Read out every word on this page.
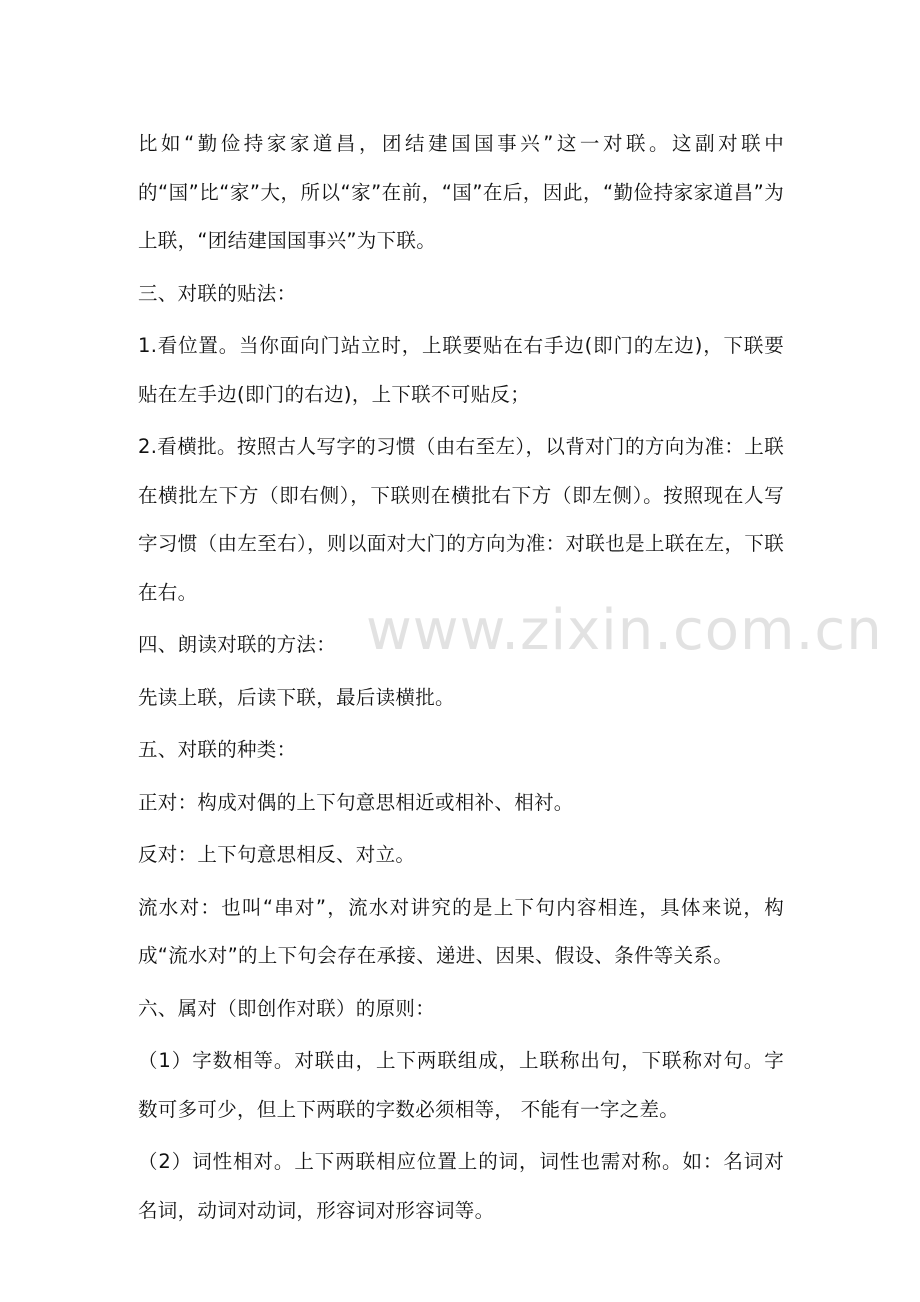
比如“勤俭持家家道昌，团结建国国事兴”这一对联。这副对联中的“国”比“家”大，所以“家”在前，“国”在后，因此，“勤俭持家家道昌”为上联，“团结建国国事兴”为下联。

三、对联的贴法：

1.看位置。当你面向门站立时，上联要贴在右手边(即门的左边)，下联要贴在左手边(即门的右边)，上下联不可贴反；

2.看横批。按照古人写字的习惯（由右至左），以背对门的方向为准：上联在横批左下方（即右侧），下联则在横批右下方（即左侧）。按照现在人写字习惯（由左至右），则以面对大门的方向为准：对联也是上联在左，下联在右。

四、朗读对联的方法：

先读上联，后读下联，最后读横批。

五、对联的种类：

正对：构成对偶的上下句意思相近或相补、相衬。

反对：上下句意思相反、对立。

流水对：也叫“串对”，流水对讲究的是上下句内容相连，具体来说，构成“流水对”的上下句会存在承接、递进、因果、假设、条件等关系。

六、属对（即创作对联）的原则：

（1）字数相等。对联由，上下两联组成，上联称出句，下联称对句。字数可多可少，但上下两联的字数必须相等， 不能有一字之差。

（2）词性相对。上下两联相应位置上的词，词性也需对称。如：名词对名词，动词对动词，形容词对形容词等。

www.zixin.com.cn
